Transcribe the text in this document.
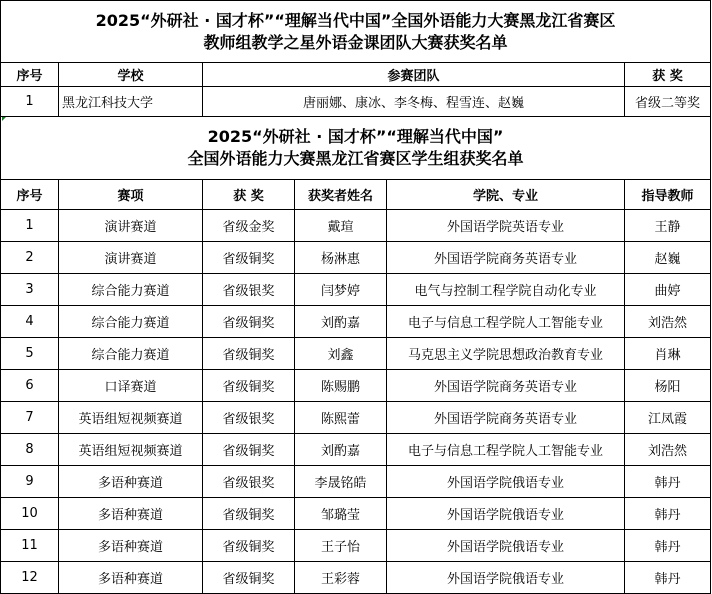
2025“外研社 · 国才杯”“理解当代中国”全国外语能力大赛黑龙江省赛区
教师组教学之星外语金课团队大赛获奖名单			

序号	学校	参赛团队	获 奖
1	黑龙江科技大学	唐丽娜、康冰、李冬梅、程雪连、赵巍	省级二等奖
2025“外研社 · 国才杯”“理解当代中国”
全国外语能力大赛黑龙江省赛区学生组获奖名单					

序号	赛项	获 奖	获奖者姓名	学院、专业	指导教师
1	演讲赛道	省级金奖	戴瑄	外国语学院英语专业	王静
2	演讲赛道	省级铜奖	杨淋惠	外国语学院商务英语专业	赵巍
3	综合能力赛道	省级银奖	闫梦婷	电气与控制工程学院自动化专业	曲婷
4	综合能力赛道	省级铜奖	刘酌嘉	电子与信息工程学院人工智能专业	刘浩然
5	综合能力赛道	省级铜奖	刘鑫	马克思主义学院思想政治教育专业	肖琳
6	口译赛道	省级铜奖	陈赐鹏	外国语学院商务英语专业	杨阳
7	英语组短视频赛道	省级银奖	陈熙蕾	外国语学院商务英语专业	江凤霞
8	英语组短视频赛道	省级铜奖	刘酌嘉	电子与信息工程学院人工智能专业	刘浩然
9	多语种赛道	省级银奖	李晟铭皓	外国语学院俄语专业	韩丹
10	多语种赛道	省级铜奖	邹璐莹	外国语学院俄语专业	韩丹
11	多语种赛道	省级铜奖	王子怡	外国语学院俄语专业	韩丹
12	多语种赛道	省级铜奖	王彩蓉	外国语学院俄语专业	韩丹
